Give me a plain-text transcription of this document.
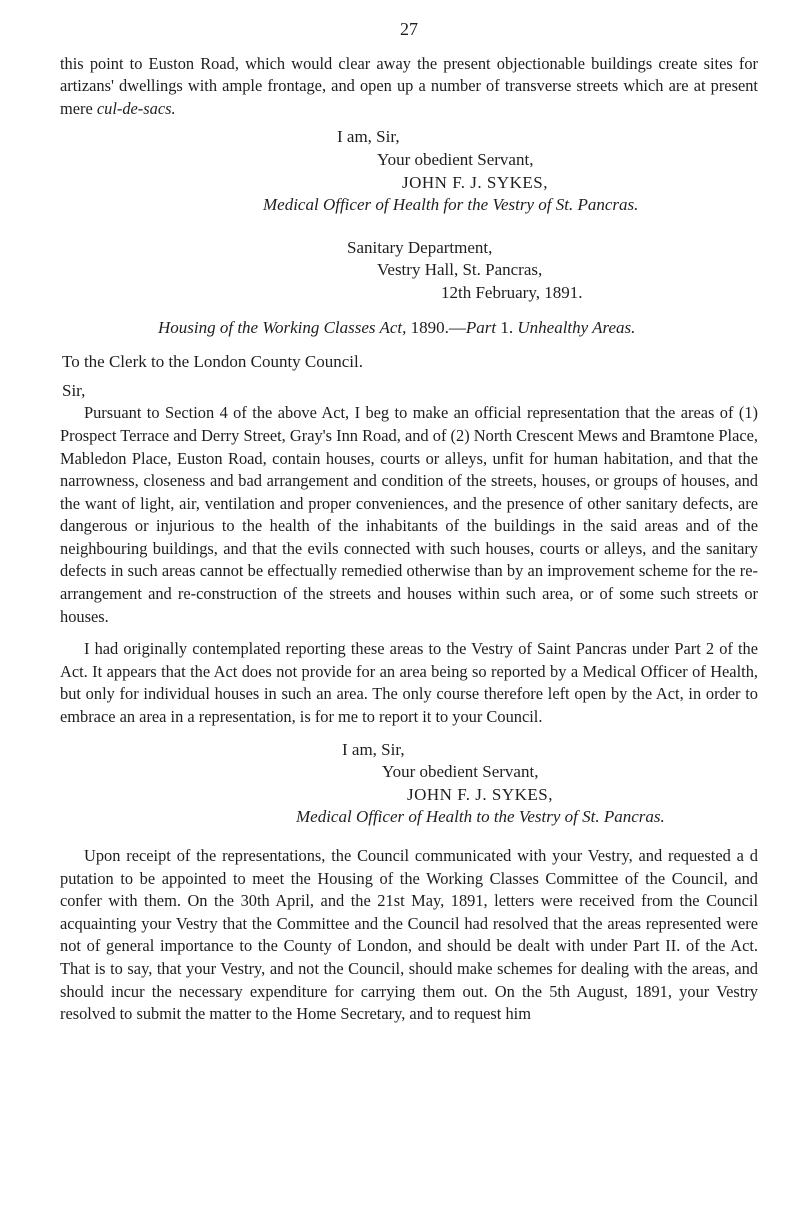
27

this point to Euston Road, which would clear away the present objectionable buildings create sites for artizans' dwellings with ample frontage, and open up a number of transverse streets which are at present mere cul-de-sacs.

I am, Sir,
Your obedient Servant,
JOHN F. J. SYKES,
Medical Officer of Health for the Vestry of St. Pancras.
Sanitary Department,
Vestry Hall, St. Pancras,
12th February, 1891.
Housing of the Working Classes Act, 1890.—Part 1. Unhealthy Areas.
To the Clerk to the London County Council.
Sir,

Pursuant to Section 4 of the above Act, I beg to make an official representation that the areas of (1) Prospect Terrace and Derry Street, Gray's Inn Road, and of (2) North Crescent Mews and Bramtone Place, Mabledon Place, Euston Road, contain houses, courts or alleys, unfit for human habitation, and that the narrowness, closeness and bad arrangement and condition of the streets, houses, or groups of houses, and the want of light, air, ventilation and proper conveniences, and the presence of other sanitary defects, are dangerous or injurious to the health of the inhabitants of the buildings in the said areas and of the neighbouring buildings, and that the evils connected with such houses, courts or alleys, and the sanitary defects in such areas cannot be effectually remedied otherwise than by an improvement scheme for the re-arrangement and re-construction of the streets and houses within such area, or of some such streets or houses.

I had originally contemplated reporting these areas to the Vestry of Saint Pancras under Part 2 of the Act. It appears that the Act does not provide for an area being so reported by a Medical Officer of Health, but only for individual houses in such an area. The only course therefore left open by the Act, in order to embrace an area in a representation, is for me to report it to your Council.

I am, Sir,
Your obedient Servant,
JOHN F. J. SYKES,
Medical Officer of Health to the Vestry of St. Pancras.

Upon receipt of the representations, the Council communicated with your Vestry, and requested a d putation to be appointed to meet the Housing of the Working Classes Committee of the Council, and confer with them. On the 30th April, and the 21st May, 1891, letters were received from the Council acquainting your Vestry that the Committee and the Council had resolved that the areas represented were not of general importance to the County of London, and should be dealt with under Part II. of the Act. That is to say, that your Vestry, and not the Council, should make schemes for dealing with the areas, and should incur the necessary expenditure for carrying them out. On the 5th August, 1891, your Vestry resolved to submit the matter to the Home Secretary, and to request him
